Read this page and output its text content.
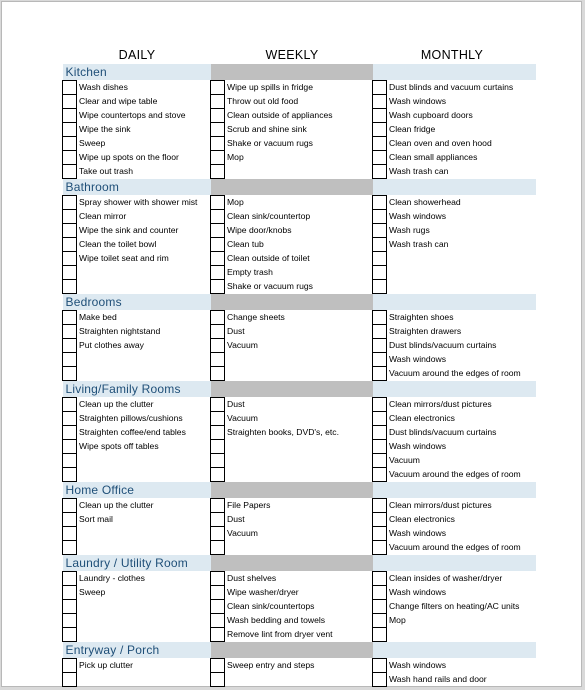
DAILY	WEEKLY	MONTHLY
Kitchen					
	Wash dishes		Wipe up spills in fridge		Dust blinds and vacuum curtains
	Clear and wipe table		Throw out old food		Wash windows
	Wipe countertops and stove		Clean outside of appliances		Wash cupboard doors
	Wipe the sink		Scrub and shine sink		Clean fridge
	Sweep		Shake or vacuum rugs		Clean oven and oven hood
	Wipe up spots on the floor		Mop		Clean small appliances
	Take out trash				Wash trash can
Bathroom					
	Spray shower with shower mist		Mop		Clean showerhead
	Clean mirror		Clean sink/countertop		Wash windows
	Wipe the sink and counter		Wipe door/knobs		Wash rugs
	Clean the toilet bowl		Clean tub		Wash trash can
	Wipe toilet seat and rim		Clean outside of toilet		
			Empty trash		
			Shake or vacuum rugs		
Bedrooms					
	Make bed		Change sheets		Straighten shoes
	Straighten nightstand		Dust		Straighten drawers
	Put clothes away		Vacuum		Dust blinds/vacuum curtains
					Wash windows
					Vacuum around the edges of room
Living/Family Rooms					
	Clean up the clutter		Dust		Clean mirrors/dust pictures
	Straighten pillows/cushions		Vacuum		Clean electronics
	Straighten coffee/end tables		Straighten books, DVD's, etc.		Dust blinds/vacuum curtains
	Wipe spots off tables				Wash windows
					Vacuum
					Vacuum around the edges of room
Home Office					
	Clean up the clutter		File Papers		Clean mirrors/dust pictures
	Sort mail		Dust		Clean electronics
			Vacuum		Wash windows
					Vacuum around the edges of room
Laundry / Utility Room					
	Laundry - clothes		Dust shelves		Clean insides of washer/dryer
	Sweep		Wipe washer/dryer		Wash windows
			Clean sink/countertops		Change filters on heating/AC units
			Wash bedding and towels		Mop
			Remove lint from dryer vent		
Entryway / Porch					
	Pick up clutter		Sweep entry and steps		Wash windows
					Wash hand rails and door
